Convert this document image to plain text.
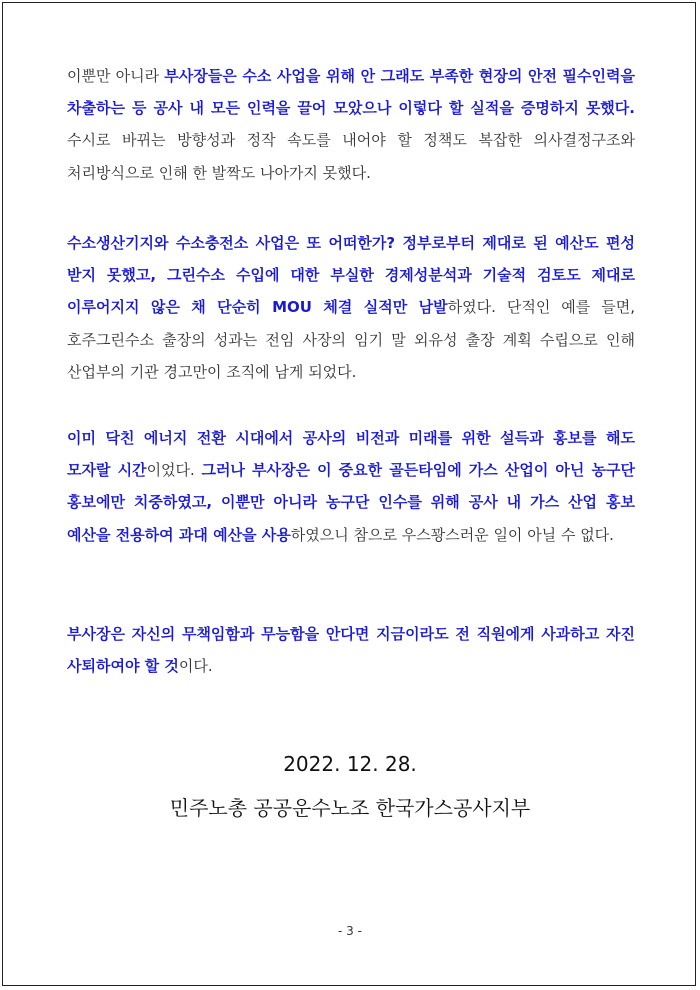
이뿐만 아니라 부사장들은 수소 사업을 위해 안 그래도 부족한 현장의 안전 필수인력을 차출하는 등 공사 내 모든 인력을 끌어 모았으나 이렇다 할 실적을 증명하지 못했다. 수시로 바뀌는 방향성과 정작 속도를 내어야 할 정책도 복잡한 의사결정구조와 처리방식으로 인해 한 발짝도 나아가지 못했다.

수소생산기지와 수소충전소 사업은 또 어떠한가? 정부로부터 제대로 된 예산도 편성 받지 못했고, 그린수소 수입에 대한 부실한 경제성분석과 기술적 검토도 제대로 이루어지지 않은 채 단순히 MOU 체결 실적만 남발하였다. 단적인 예를 들면, 호주그린수소 출장의 성과는 전임 사장의 임기 말 외유성 출장 계획 수립으로 인해 산업부의 기관 경고만이 조직에 남게 되었다.

이미 닥친 에너지 전환 시대에서 공사의 비전과 미래를 위한 설득과 홍보를 해도 모자랄 시간이었다. 그러나 부사장은 이 중요한 골든타임에 가스 산업이 아닌 농구단 홍보에만 치중하였고, 이뿐만 아니라 농구단 인수를 위해 공사 내 가스 산업 홍보 예산을 전용하여 과대 예산을 사용하였으니 참으로 우스꽝스러운 일이 아닐 수 없다.

부사장은 자신의 무책임함과 무능함을 안다면 지금이라도 전 직원에게 사과하고 자진 사퇴하여야 할 것이다.

2022. 12. 28.
민주노총 공공운수노조 한국가스공사지부
- 3 -
